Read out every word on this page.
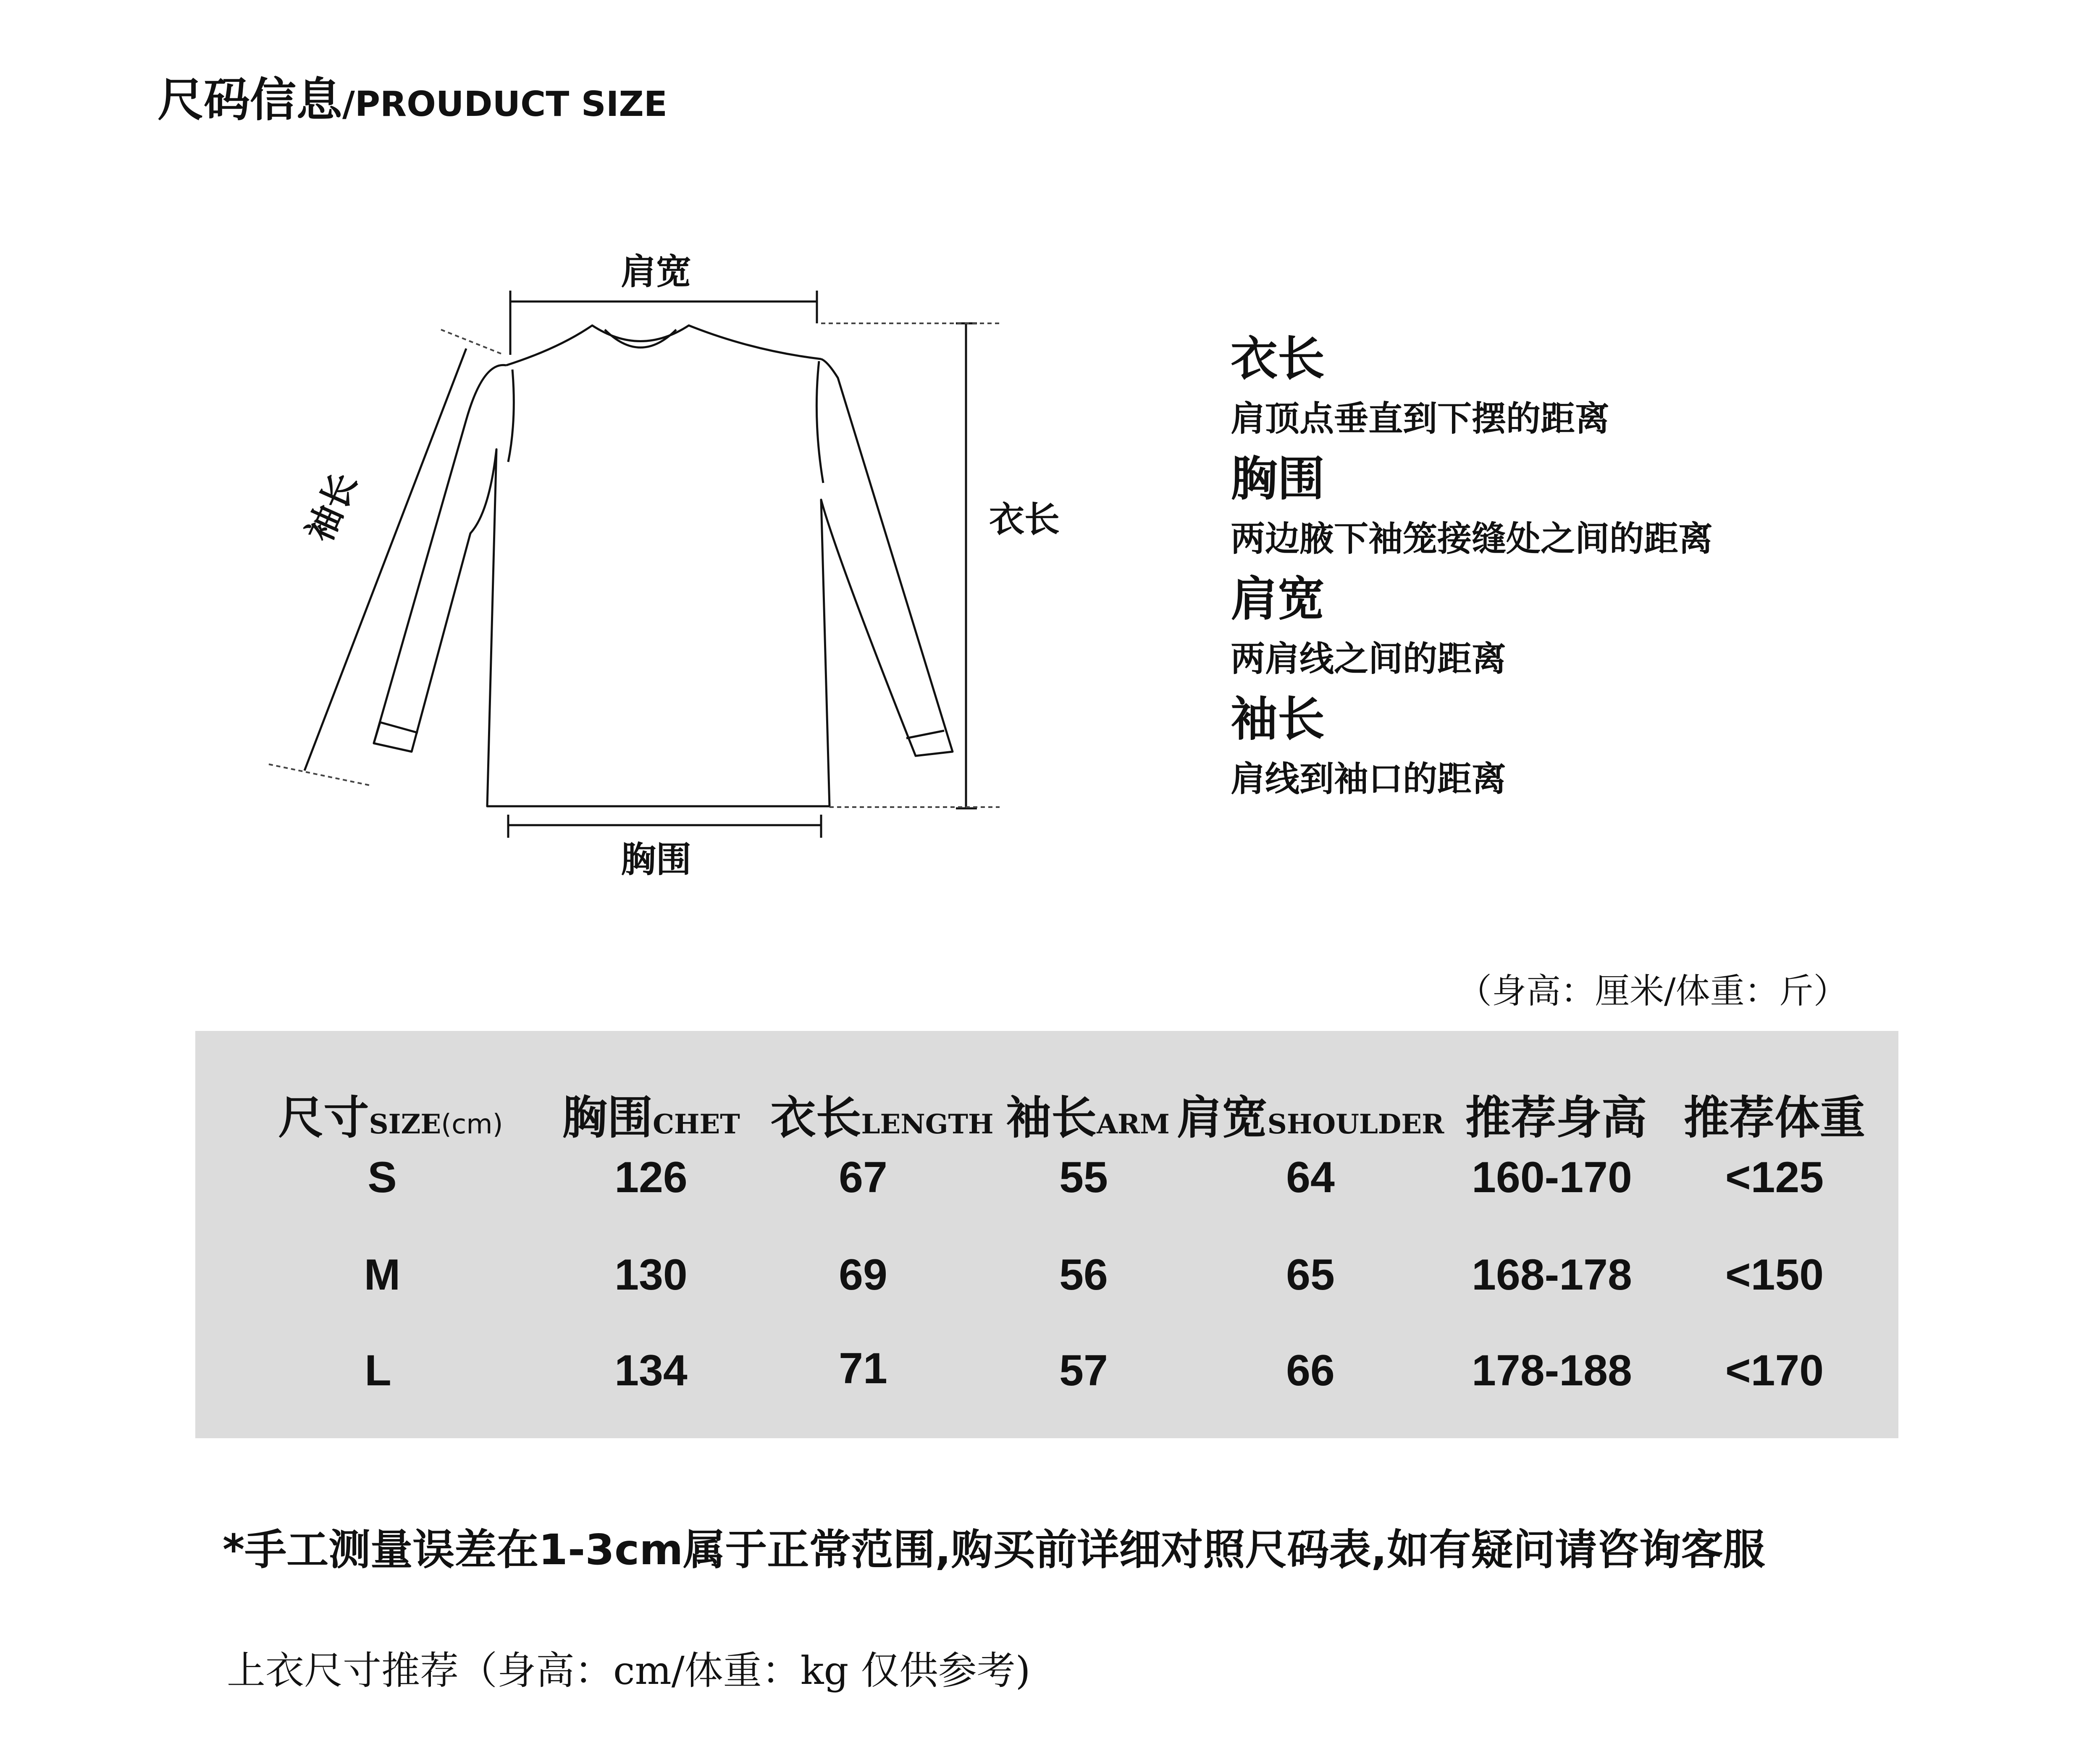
尺码信息/PROUDUCT SIZE
肩宽
袖长	衣长
胸围
衣长
肩顶点垂直到下摆的距离
胸围
两边腋下袖笼接缝处之间的距离
肩宽
两肩线之间的距离
袖长
肩线到袖口的距离
（身高：厘米/体重：斤）
尺寸SIZE(cm) 胸围CHET 衣长LENGTH 袖长ARM 肩宽SHOULDER 推荐身高 推荐体重
S	126	67	55	64	160-170 <125
M	130	69	56	65	168-178 <150
L	134	71	57	66	178-188 <170
*手工测量误差在1-3cm属于正常范围,购买前详细对照尺码表,如有疑问请咨询客服
上衣尺寸推荐（身高：cm/体重：kg 仅供参考)
